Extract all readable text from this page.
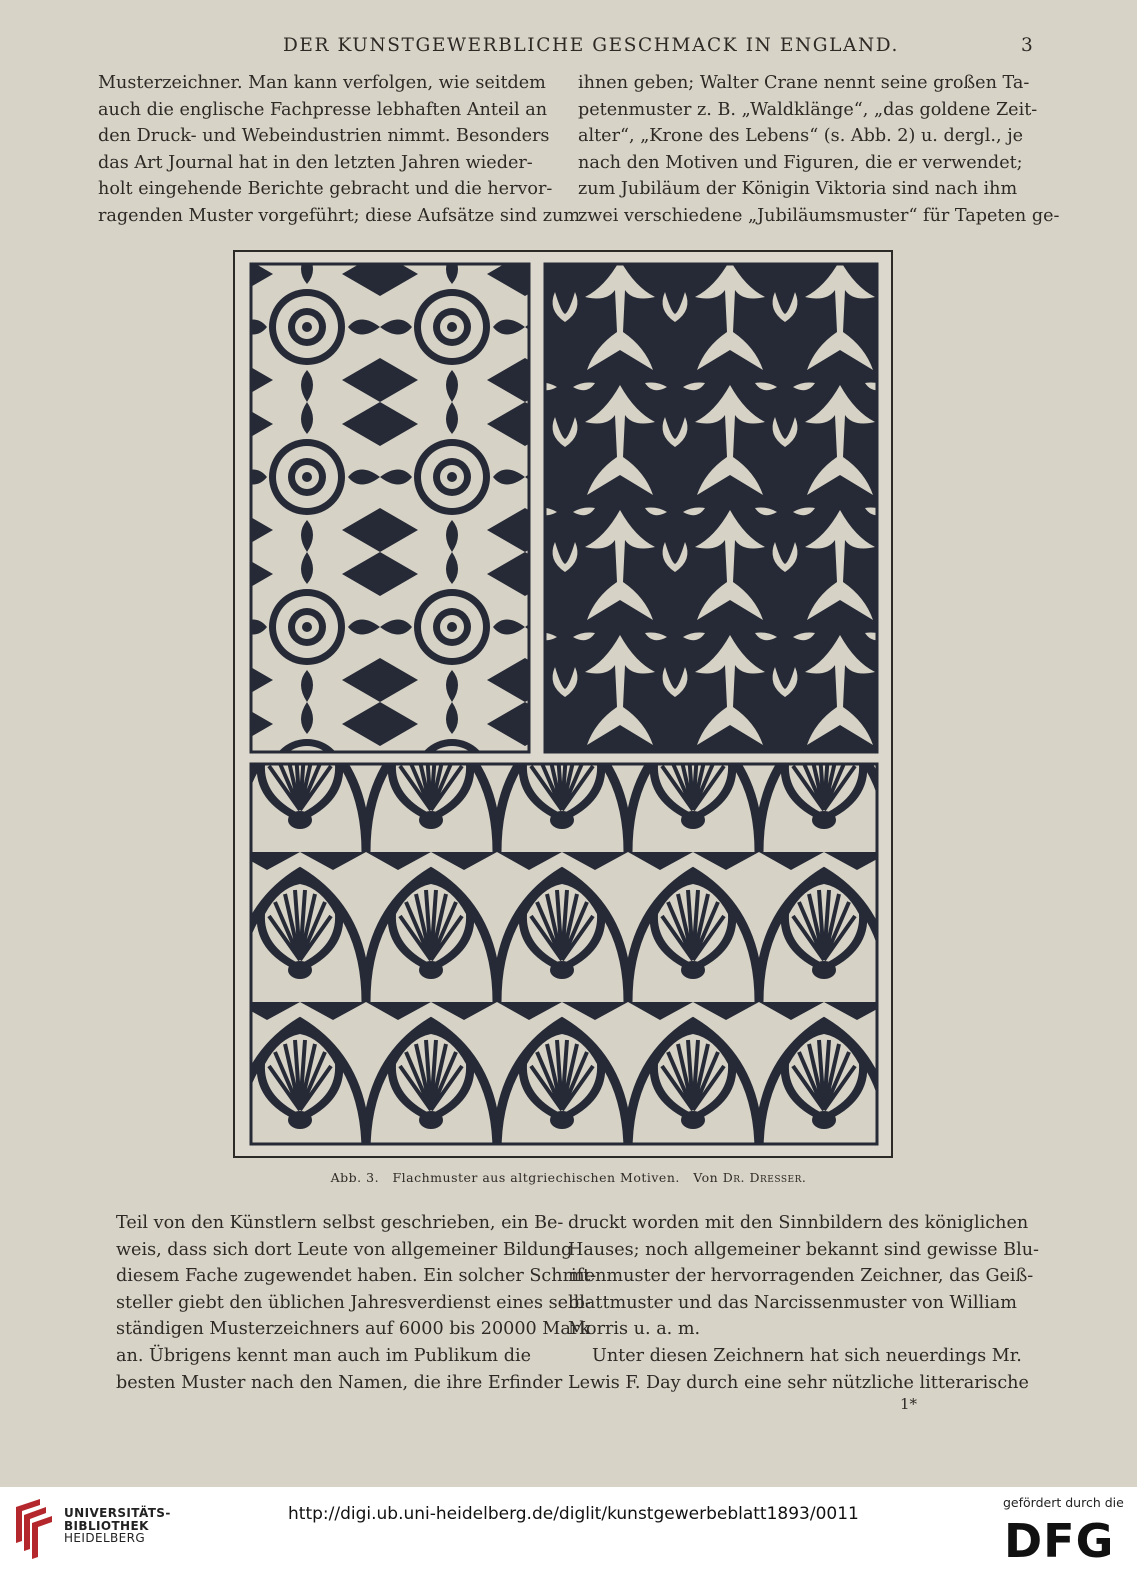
DER KUNSTGEWERBLICHE GESCHMACK IN ENGLAND.	3
Musterzeichner. Man kann verfolgen, wie seitdem
auch die englische Fachpresse lebhaften Anteil an
den Druck- und Webeindustrien nimmt. Besonders
das Art Journal hat in den letzten Jahren wieder-
holt eingehende Berichte gebracht und die hervor-
ragenden Muster vorgeführt; diese Aufsätze sind zum
ihnen geben; Walter Crane nennt seine großen Ta-
petenmuster z. B. „Waldklänge“, „das goldene Zeit-
alter“, „Krone des Lebens“ (s. Abb. 2) u. dergl., je
nach den Motiven und Figuren, die er verwendet;
zum Jubiläum der Königin Viktoria sind nach ihm
zwei verschiedene „Jubiläumsmuster“ für Tapeten ge-
Abb. 3. Flachmuster aus altgriechischen Motiven. Von Dr. Dresser.
Teil von den Künstlern selbst geschrieben, ein Be-
weis, dass sich dort Leute von allgemeiner Bildung
diesem Fache zugewendet haben. Ein solcher Schrift-
steller giebt den üblichen Jahresverdienst eines selb-
ständigen Musterzeichners auf 6000 bis 20000 Mark
an. Übrigens kennt man auch im Publikum die
besten Muster nach den Namen, die ihre Erfinder
druckt worden mit den Sinnbildern des königlichen
Hauses; noch allgemeiner bekannt sind gewisse Blu-
menmuster der hervorragenden Zeichner, das Geiß-
blattmuster und das Narcissenmuster von William
Morris u. a. m.
Unter diesen Zeichnern hat sich neuerdings Mr.
Lewis F. Day durch eine sehr nützliche litterarische
1*
UNIVERSITÄTS-
BIBLIOTHEK
HEIDELBERG
http://digi.ub.uni-heidelberg.de/diglit/kunstgewerbeblatt1893/0011
gefördert durch die
DFG
